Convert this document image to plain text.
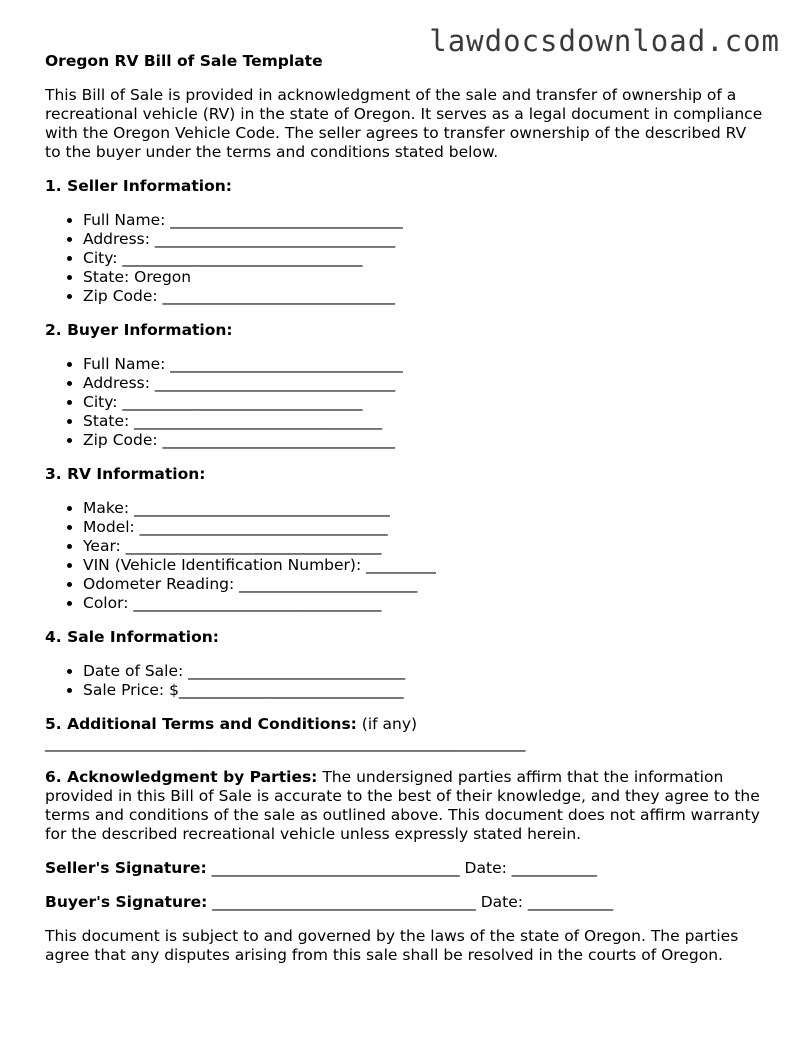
lawdocsdownload.com

Oregon RV Bill of Sale Template

This Bill of Sale is provided in acknowledgment of the sale and transfer of ownership of a recreational vehicle (RV) in the state of Oregon. It serves as a legal document in compliance with the Oregon Vehicle Code. The seller agrees to transfer ownership of the described RV to the buyer under the terms and conditions stated below.

1. Seller Information:

• Full Name: ______________________________
• Address: _______________________________
• City: _______________________________
• State: Oregon
• Zip Code: ______________________________

2. Buyer Information:

• Full Name: ______________________________
• Address: _______________________________
• City: _______________________________
• State: ________________________________
• Zip Code: ______________________________

3. RV Information:

• Make: _________________________________
• Model: ________________________________
• Year: _________________________________
• VIN (Vehicle Identification Number): _________
• Odometer Reading: _______________________
• Color: ________________________________

4. Sale Information:

• Date of Sale: ____________________________
• Sale Price: $_____________________________

5. Additional Terms and Conditions: (if any)

______________________________________________________________

6. Acknowledgment by Parties: The undersigned parties affirm that the information provided in this Bill of Sale is accurate to the best of their knowledge, and they agree to the terms and conditions of the sale as outlined above. This document does not affirm warranty for the described recreational vehicle unless expressly stated herein.

Seller's Signature: ________________________________ Date: ___________

Buyer's Signature: __________________________________ Date: ___________

This document is subject to and governed by the laws of the state of Oregon. The parties agree that any disputes arising from this sale shall be resolved in the courts of Oregon.
